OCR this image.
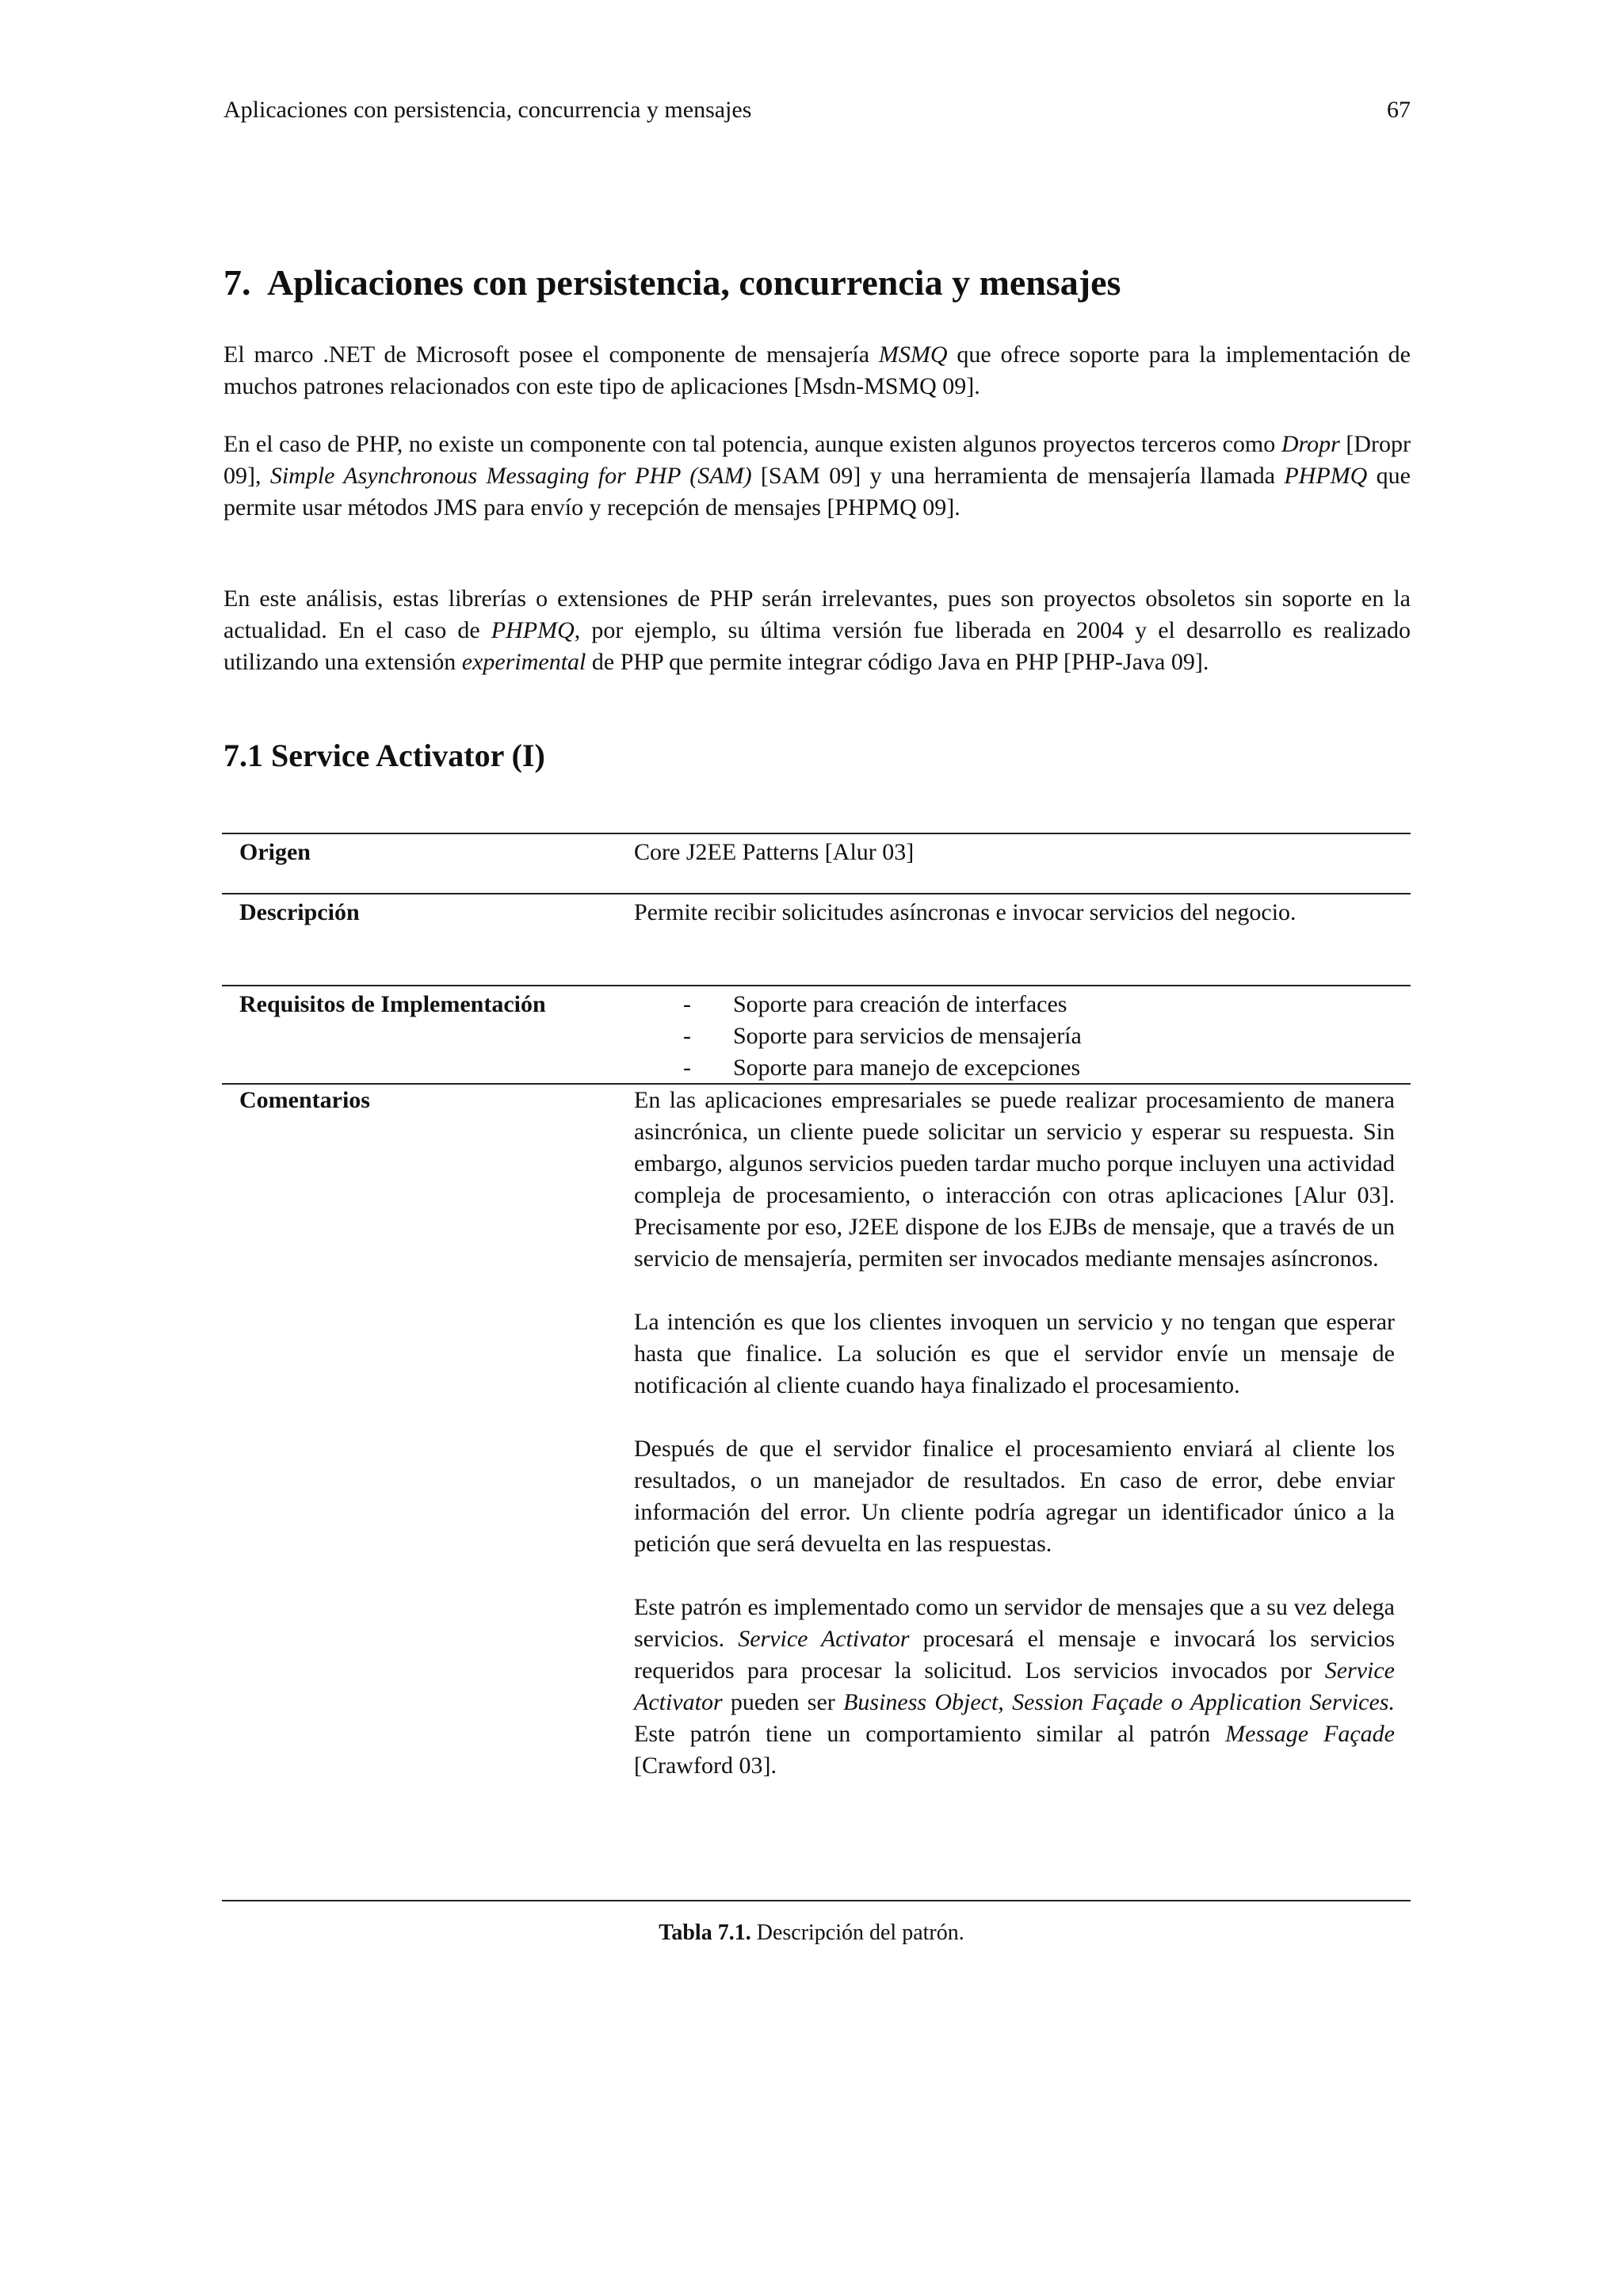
Aplicaciones con persistencia, concurrencia y mensajes	67
7. Aplicaciones con persistencia, concurrencia y mensajes

El marco .NET de Microsoft posee el componente de mensajería MSMQ que ofrece soporte para la implementación de muchos patrones relacionados con este tipo de aplicaciones [Msdn-MSMQ 09].

En el caso de PHP, no existe un componente con tal potencia, aunque existen algunos proyectos terceros como Dropr [Dropr 09], Simple Asynchronous Messaging for PHP (SAM) [SAM 09] y una herramienta de mensajería llamada PHPMQ que permite usar métodos JMS para envío y recepción de mensajes [PHPMQ 09].

En este análisis, estas librerías o extensiones de PHP serán irrelevantes, pues son proyectos obsoletos sin soporte en la actualidad. En el caso de PHPMQ, por ejemplo, su última versión fue liberada en 2004 y el desarrollo es realizado utilizando una extensión experimental de PHP que permite integrar código Java en PHP [PHP-Java 09].

7.1 Service Activator (I)
Origen	Core J2EE Patterns [Alur 03]
Descripción	Permite recibir solicitudes asíncronas e invocar servicios del negocio.
Requisitos de Implementación	- Soporte para creación de interfaces
- Soporte para servicios de mensajería
- Soporte para manejo de excepciones
Comentarios	En las aplicaciones empresariales se puede realizar procesamiento de manera asincrónica, un cliente puede solicitar un servicio y esperar su respuesta. Sin embargo, algunos servicios pueden tardar mucho porque incluyen una actividad compleja de procesamiento, o interacción con otras aplicaciones [Alur 03]. Precisamente por eso, J2EE dispone de los EJBs de mensaje, que a través de un servicio de mensajería, permiten ser invocados mediante mensajes asíncronos.

La intención es que los clientes invoquen un servicio y no tengan que esperar hasta que finalice. La solución es que el servidor envíe un mensaje de notificación al cliente cuando haya finalizado el procesamiento.

Después de que el servidor finalice el procesamiento enviará al cliente los resultados, o un manejador de resultados. En caso de error, debe enviar información del error. Un cliente podría agregar un identificador único a la petición que será devuelta en las respuestas.

Este patrón es implementado como un servidor de mensajes que a su vez delega servicios. Service Activator procesará el mensaje e invocará los servicios requeridos para procesar la solicitud. Los servicios invocados por Service Activator pueden ser Business Object, Session Façade o Application Services. Este patrón tiene un comportamiento similar al patrón Message Façade [Crawford 03].

Tabla 7.1. Descripción del patrón.
